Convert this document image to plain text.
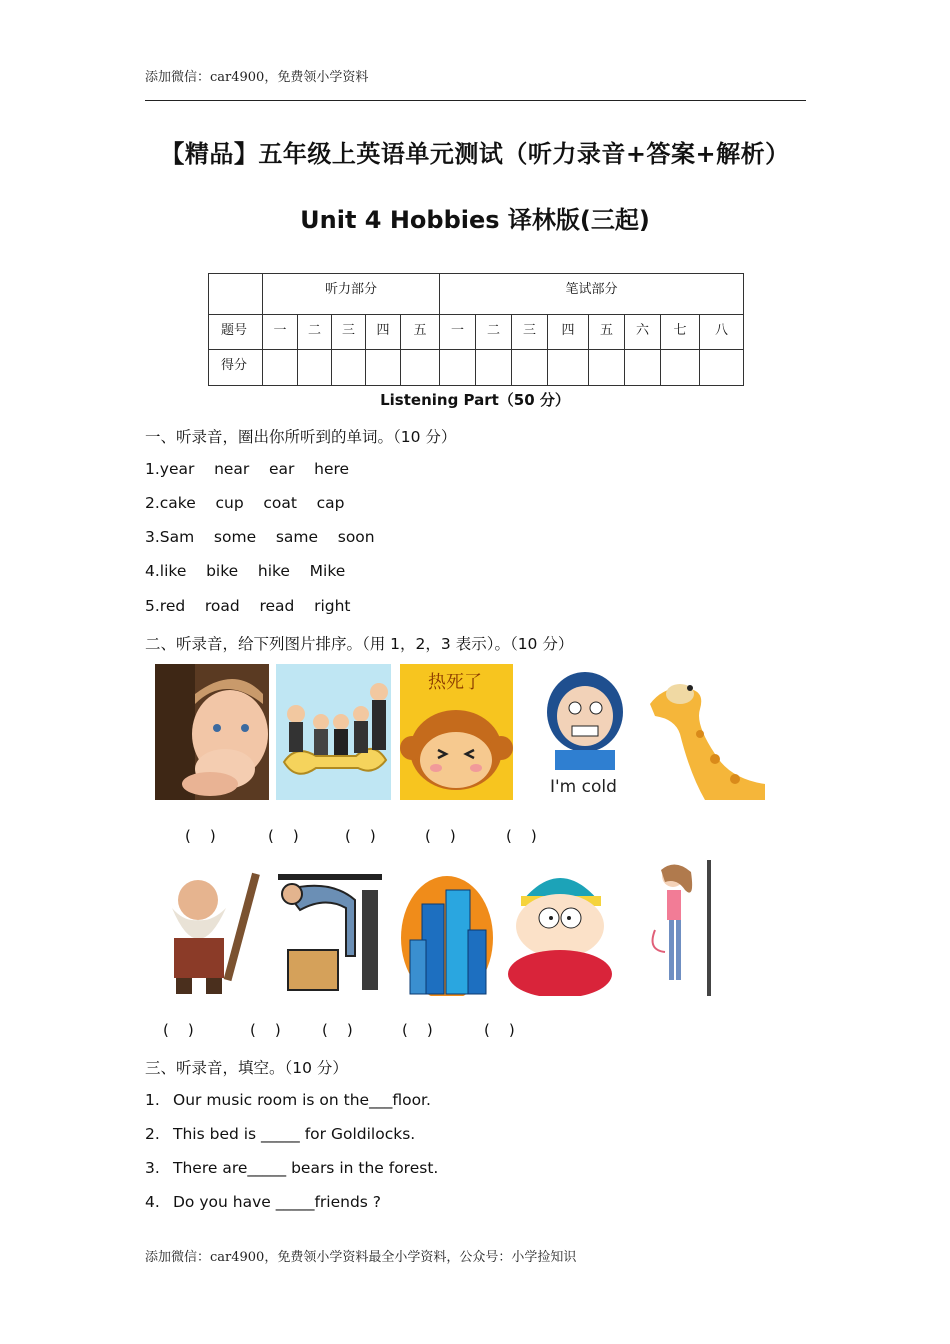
添加微信：car4900，免费领小学资料
【精品】五年级上英语单元测试（听力录音+答案+解析）
Unit 4 Hobbies 译林版(三起)
	听力部分					笔试部分							
题号	一	二	三	四	五	一	二	三	四	五	六	七	八
得分													
Listening Part（50 分）
一、听录音，圈出你所听到的单词。（10 分）
1.year    near    ear    here
2.cake    cup    coat    cap
3.Sam    some    same    soon
4.like    bike    hike    Mike
5.red    road    read    right
二、听录音，给下列图片排序。（用 1，2，3 表示）。（10 分）
热死了
I'm cold
(    )	(    )	(    )	(    )	(    )
(    )	(    )	(    )	(    )	(    )
三、听录音，填空。（10 分）
1. Our music room is on the___floor.
2. This bed is _____ for Goldilocks.
3. There are_____ bears in the forest.
4. Do you have _____friends ?
添加微信：car4900，免费领小学资料最全小学资料，公众号：小学捡知识
